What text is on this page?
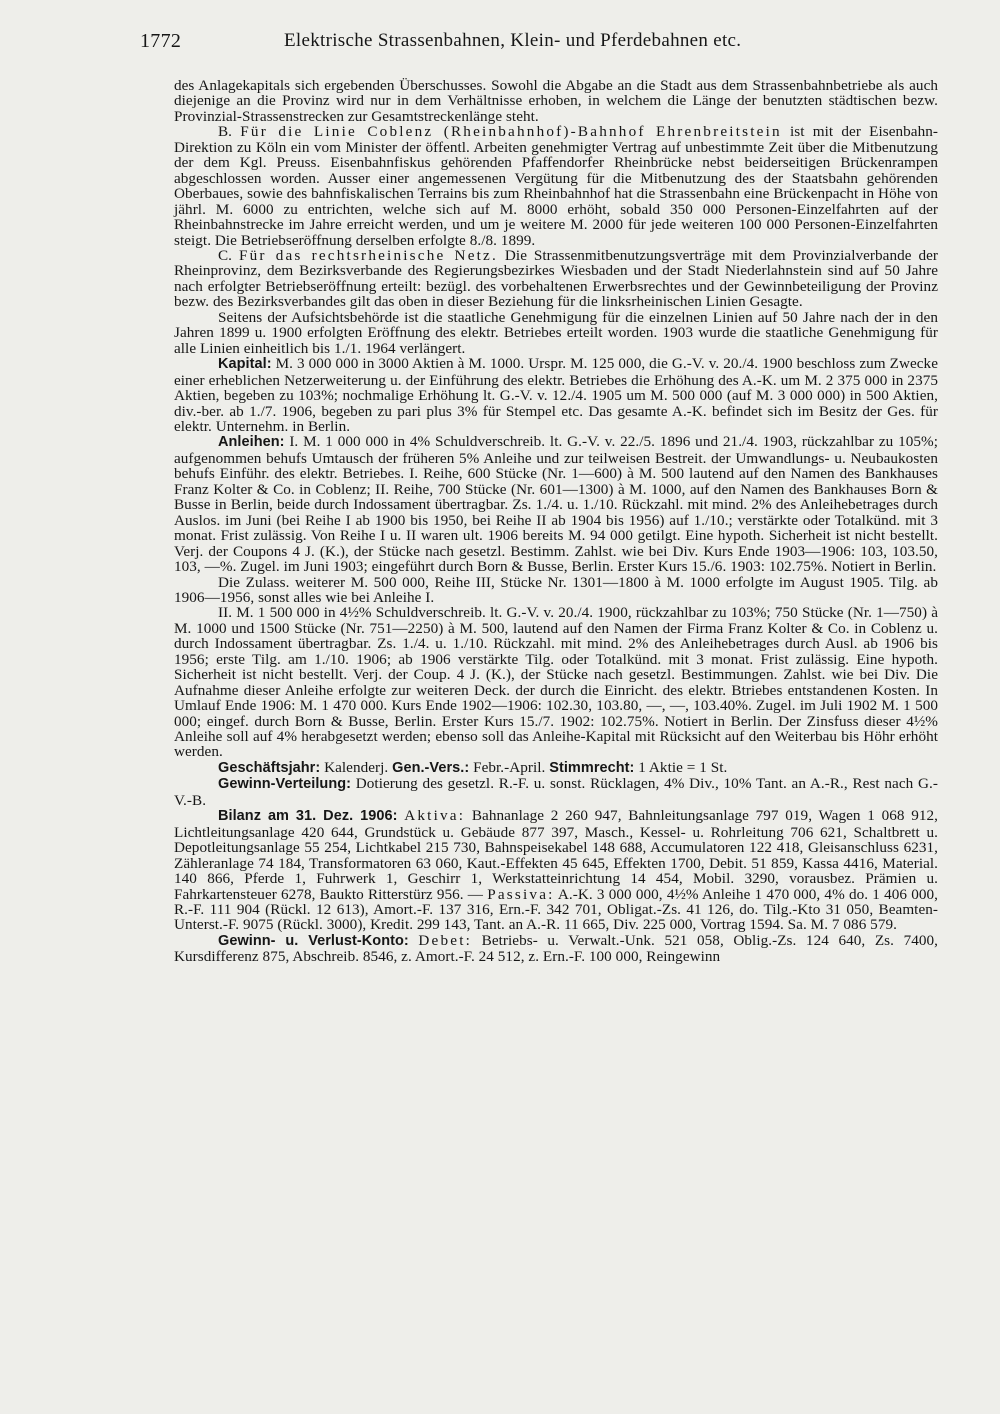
1772	Elektrische Strassenbahnen, Klein- und Pferdebahnen etc.

des Anlagekapitals sich ergebenden Überschusses. Sowohl die Abgabe an die Stadt aus dem Strassenbahnbetriebe als auch diejenige an die Provinz wird nur in dem Verhältnisse erhoben, in welchem die Länge der benutzten städtischen bezw. Provinzial-Strassenstrecken zur Gesamtstreckenlänge steht.

B. Für die Linie Coblenz (Rheinbahnhof)-Bahnhof Ehrenbreitstein ist mit der Eisenbahn-Direktion zu Köln ein vom Minister der öffentl. Arbeiten genehmigter Vertrag auf unbestimmte Zeit über die Mitbenutzung der dem Kgl. Preuss. Eisenbahnfiskus gehörenden Pfaffendorfer Rheinbrücke nebst beiderseitigen Brückenrampen abgeschlossen worden. Ausser einer angemessenen Vergütung für die Mitbenutzung des der Staatsbahn gehörenden Oberbaues, sowie des bahnfiskalischen Terrains bis zum Rheinbahnhof hat die Strassenbahn eine Brückenpacht in Höhe von jährl. M. 6000 zu entrichten, welche sich auf M. 8000 erhöht, sobald 350 000 Personen-Einzelfahrten auf der Rheinbahnstrecke im Jahre erreicht werden, und um je weitere M. 2000 für jede weiteren 100 000 Personen-Einzelfahrten steigt. Die Betriebseröffnung derselben erfolgte 8./8. 1899.

C. Für das rechtsrheinische Netz. Die Strassenmitbenutzungsverträge mit dem Provinzialverbande der Rheinprovinz, dem Bezirksverbande des Regierungsbezirkes Wiesbaden und der Stadt Niederlahnstein sind auf 50 Jahre nach erfolgter Betriebseröffnung erteilt: bezügl. des vorbehaltenen Erwerbsrechtes und der Gewinnbeteiligung der Provinz bezw. des Bezirksverbandes gilt das oben in dieser Beziehung für die linksrheinischen Linien Gesagte.

Seitens der Aufsichtsbehörde ist die staatliche Genehmigung für die einzelnen Linien auf 50 Jahre nach der in den Jahren 1899 u. 1900 erfolgten Eröffnung des elektr. Betriebes erteilt worden. 1903 wurde die staatliche Genehmigung für alle Linien einheitlich bis 1./1. 1964 verlängert.

Kapital: M. 3 000 000 in 3000 Aktien à M. 1000. Urspr. M. 125 000, die G.-V. v. 20./4. 1900 beschloss zum Zwecke einer erheblichen Netzerweiterung u. der Einführung des elektr. Betriebes die Erhöhung des A.-K. um M. 2 375 000 in 2375 Aktien, begeben zu 103%; nochmalige Erhöhung lt. G.-V. v. 12./4. 1905 um M. 500 000 (auf M. 3 000 000) in 500 Aktien, div.-ber. ab 1./7. 1906, begeben zu pari plus 3% für Stempel etc. Das gesamte A.-K. befindet sich im Besitz der Ges. für elektr. Unternehm. in Berlin.

Anleihen: I. M. 1 000 000 in 4% Schuldverschreib. lt. G.-V. v. 22./5. 1896 und 21./4. 1903, rückzahlbar zu 105%; aufgenommen behufs Umtausch der früheren 5% Anleihe und zur teilweisen Bestreit. der Umwandlungs- u. Neubaukosten behufs Einführ. des elektr. Betriebes. I. Reihe, 600 Stücke (Nr. 1—600) à M. 500 lautend auf den Namen des Bankhauses Franz Kolter & Co. in Coblenz; II. Reihe, 700 Stücke (Nr. 601—1300) à M. 1000, auf den Namen des Bankhauses Born & Busse in Berlin, beide durch Indossament übertragbar. Zs. 1./4. u. 1./10. Rückzahl. mit mind. 2% des Anleihebetrages durch Auslos. im Juni (bei Reihe I ab 1900 bis 1950, bei Reihe II ab 1904 bis 1956) auf 1./10.; verstärkte oder Totalkünd. mit 3 monat. Frist zulässig. Von Reihe I u. II waren ult. 1906 bereits M. 94 000 getilgt. Eine hypoth. Sicherheit ist nicht bestellt. Verj. der Coupons 4 J. (K.), der Stücke nach gesetzl. Bestimm. Zahlst. wie bei Div. Kurs Ende 1903—1906: 103, 103.50, 103, —%. Zugel. im Juni 1903; eingeführt durch Born & Busse, Berlin. Erster Kurs 15./6. 1903: 102.75%. Notiert in Berlin.

Die Zulass. weiterer M. 500 000, Reihe III, Stücke Nr. 1301—1800 à M. 1000 erfolgte im August 1905. Tilg. ab 1906—1956, sonst alles wie bei Anleihe I.

II. M. 1 500 000 in 4½% Schuldverschreib. lt. G.-V. v. 20./4. 1900, rückzahlbar zu 103%; 750 Stücke (Nr. 1—750) à M. 1000 und 1500 Stücke (Nr. 751—2250) à M. 500, lautend auf den Namen der Firma Franz Kolter & Co. in Coblenz u. durch Indossament übertragbar. Zs. 1./4. u. 1./10. Rückzahl. mit mind. 2% des Anleihebetrages durch Ausl. ab 1906 bis 1956; erste Tilg. am 1./10. 1906; ab 1906 verstärkte Tilg. oder Totalkünd. mit 3 monat. Frist zulässig. Eine hypoth. Sicherheit ist nicht bestellt. Verj. der Coup. 4 J. (K.), der Stücke nach gesetzl. Bestimmungen. Zahlst. wie bei Div. Die Aufnahme dieser Anleihe erfolgte zur weiteren Deck. der durch die Einricht. des elektr. Btriebes entstandenen Kosten. In Umlauf Ende 1906: M. 1 470 000. Kurs Ende 1902—1906: 102.30, 103.80, —, —, 103.40%. Zugel. im Juli 1902 M. 1 500 000; eingef. durch Born & Busse, Berlin. Erster Kurs 15./7. 1902: 102.75%. Notiert in Berlin. Der Zinsfuss dieser 4½% Anleihe soll auf 4% herabgesetzt werden; ebenso soll das Anleihe-Kapital mit Rücksicht auf den Weiterbau bis Höhr erhöht werden.

Geschäftsjahr: Kalenderj. Gen.-Vers.: Febr.-April. Stimmrecht: 1 Aktie = 1 St.

Gewinn-Verteilung: Dotierung des gesetzl. R.-F. u. sonst. Rücklagen, 4% Div., 10% Tant. an A.-R., Rest nach G.-V.-B.

Bilanz am 31. Dez. 1906: Aktiva: Bahnanlage 2 260 947, Bahnleitungsanlage 797 019, Wagen 1 068 912, Lichtleitungsanlage 420 644, Grundstück u. Gebäude 877 397, Masch., Kessel- u. Rohrleitung 706 621, Schaltbrett u. Depotleitungsanlage 55 254, Lichtkabel 215 730, Bahnspeisekabel 148 688, Accumulatoren 122 418, Gleisanschluss 6231, Zähleranlage 74 184, Transformatoren 63 060, Kaut.-Effekten 45 645, Effekten 1700, Debit. 51 859, Kassa 4416, Material. 140 866, Pferde 1, Fuhrwerk 1, Geschirr 1, Werkstatteinrichtung 14 454, Mobil. 3290, vorausbez. Prämien u. Fahrkartensteuer 6278, Baukto Ritterstürz 956. — Passiva: A.-K. 3 000 000, 4½% Anleihe 1 470 000, 4% do. 1 406 000, R.-F. 111 904 (Rückl. 12 613), Amort.-F. 137 316, Ern.-F. 342 701, Obligat.-Zs. 41 126, do. Tilg.-Kto 31 050, Beamten-Unterst.-F. 9075 (Rückl. 3000), Kredit. 299 143, Tant. an A.-R. 11 665, Div. 225 000, Vortrag 1594. Sa. M. 7 086 579.

Gewinn- u. Verlust-Konto: Debet: Betriebs- u. Verwalt.-Unk. 521 058, Oblig.-Zs. 124 640, Zs. 7400, Kursdifferenz 875, Abschreib. 8546, z. Amort.-F. 24 512, z. Ern.-F. 100 000, Reingewinn
